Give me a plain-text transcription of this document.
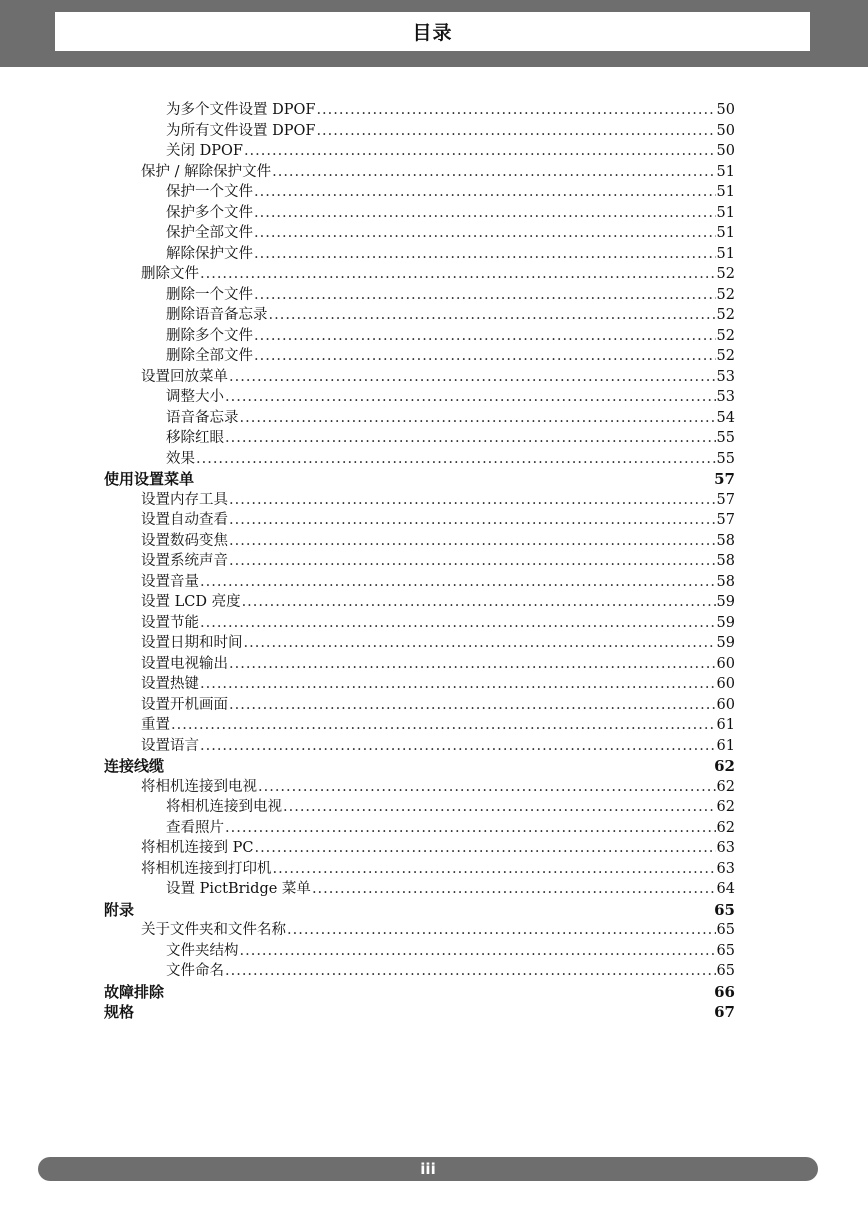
目录
为多个文件设置 DPOF .....	50
为所有文件设置 DPOF .....	50
关闭 DPOF .....	50
保护 / 解除保护文件 .....	51
保护一个文件 .....	51
保护多个文件 .....	51
保护全部文件 .....	51
解除保护文件 .....	51
删除文件 .....	52
删除一个文件 .....	52
删除语音备忘录 .....	52
删除多个文件 .....	52
删除全部文件 .....	52
设置回放菜单 .....	53
调整大小 .....	53
语音备忘录 .....	54
移除红眼 .....	55
效果 .....	55
使用设置菜单	57
设置内存工具 .....	57
设置自动查看 .....	57
设置数码变焦 .....	58
设置系统声音 .....	58
设置音量 .....	58
设置 LCD 亮度 .....	59
设置节能 .....	59
设置日期和时间 .....	59
设置电视输出 .....	60
设置热键 .....	60
设置开机画面 .....	60
重置 .....	61
设置语言 .....	61
连接线缆	62
将相机连接到电视 .....	62
将相机连接到电视 .....	62
查看照片 .....	62
将相机连接到 PC .....	63
将相机连接到打印机 .....	63
设置 PictBridge 菜单 .....	64
附录	65
关于文件夹和文件名称 .....	65
文件夹结构 .....	65
文件命名 .....	65
故障排除	66
规格	67
iii
